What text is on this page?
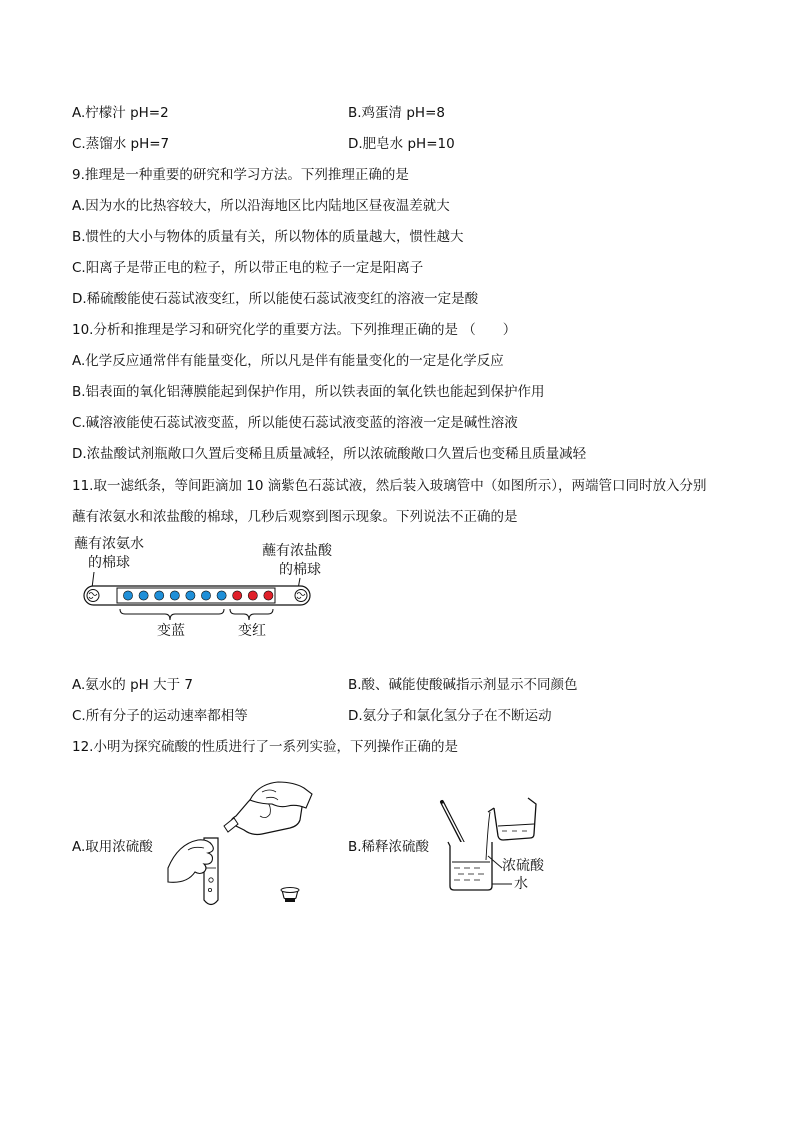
A.柠檬汁 pH=2	B.鸡蛋清 pH=8
C.蒸馏水 pH=7	D.肥皂水 pH=10
9.推理是一种重要的研究和学习方法。下列推理正确的是
A.因为水的比热容较大，所以沿海地区比内陆地区昼夜温差就大
B.惯性的大小与物体的质量有关，所以物体的质量越大，惯性越大
C.阳离子是带正电的粒子，所以带正电的粒子一定是阳离子
D.稀硫酸能使石蕊试液变红，所以能使石蕊试液变红的溶液一定是酸
10.分析和推理是学习和研究化学的重要方法。下列推理正确的是 （　　）
A.化学反应通常伴有能量变化，所以凡是伴有能量变化的一定是化学反应
B.铝表面的氧化铝薄膜能起到保护作用，所以铁表面的氧化铁也能起到保护作用
C.碱溶液能使石蕊试液变蓝，所以能使石蕊试液变蓝的溶液一定是碱性溶液
D.浓盐酸试剂瓶敞口久置后变稀且质量减轻，所以浓硫酸敞口久置后也变稀且质量减轻
11.取一滤纸条，等间距滴加 10 滴紫色石蕊试液，然后装入玻璃管中（如图所示），两端管口同时放入分别
蘸有浓氨水和浓盐酸的棉球，几秒后观察到图示现象。下列说法不正确的是
蘸有浓氨水
的棉球
蘸有浓盐酸
的棉球
变蓝	变红
A.氨水的 pH 大于 7	B.酸、碱能使酸碱指示剂显示不同颜色
C.所有分子的运动速率都相等	D.氨分子和氯化氢分子在不断运动
12.小明为探究硫酸的性质进行了一系列实验，下列操作正确的是
A.取用浓硫酸	B.稀释浓硫酸
浓硫酸
水
